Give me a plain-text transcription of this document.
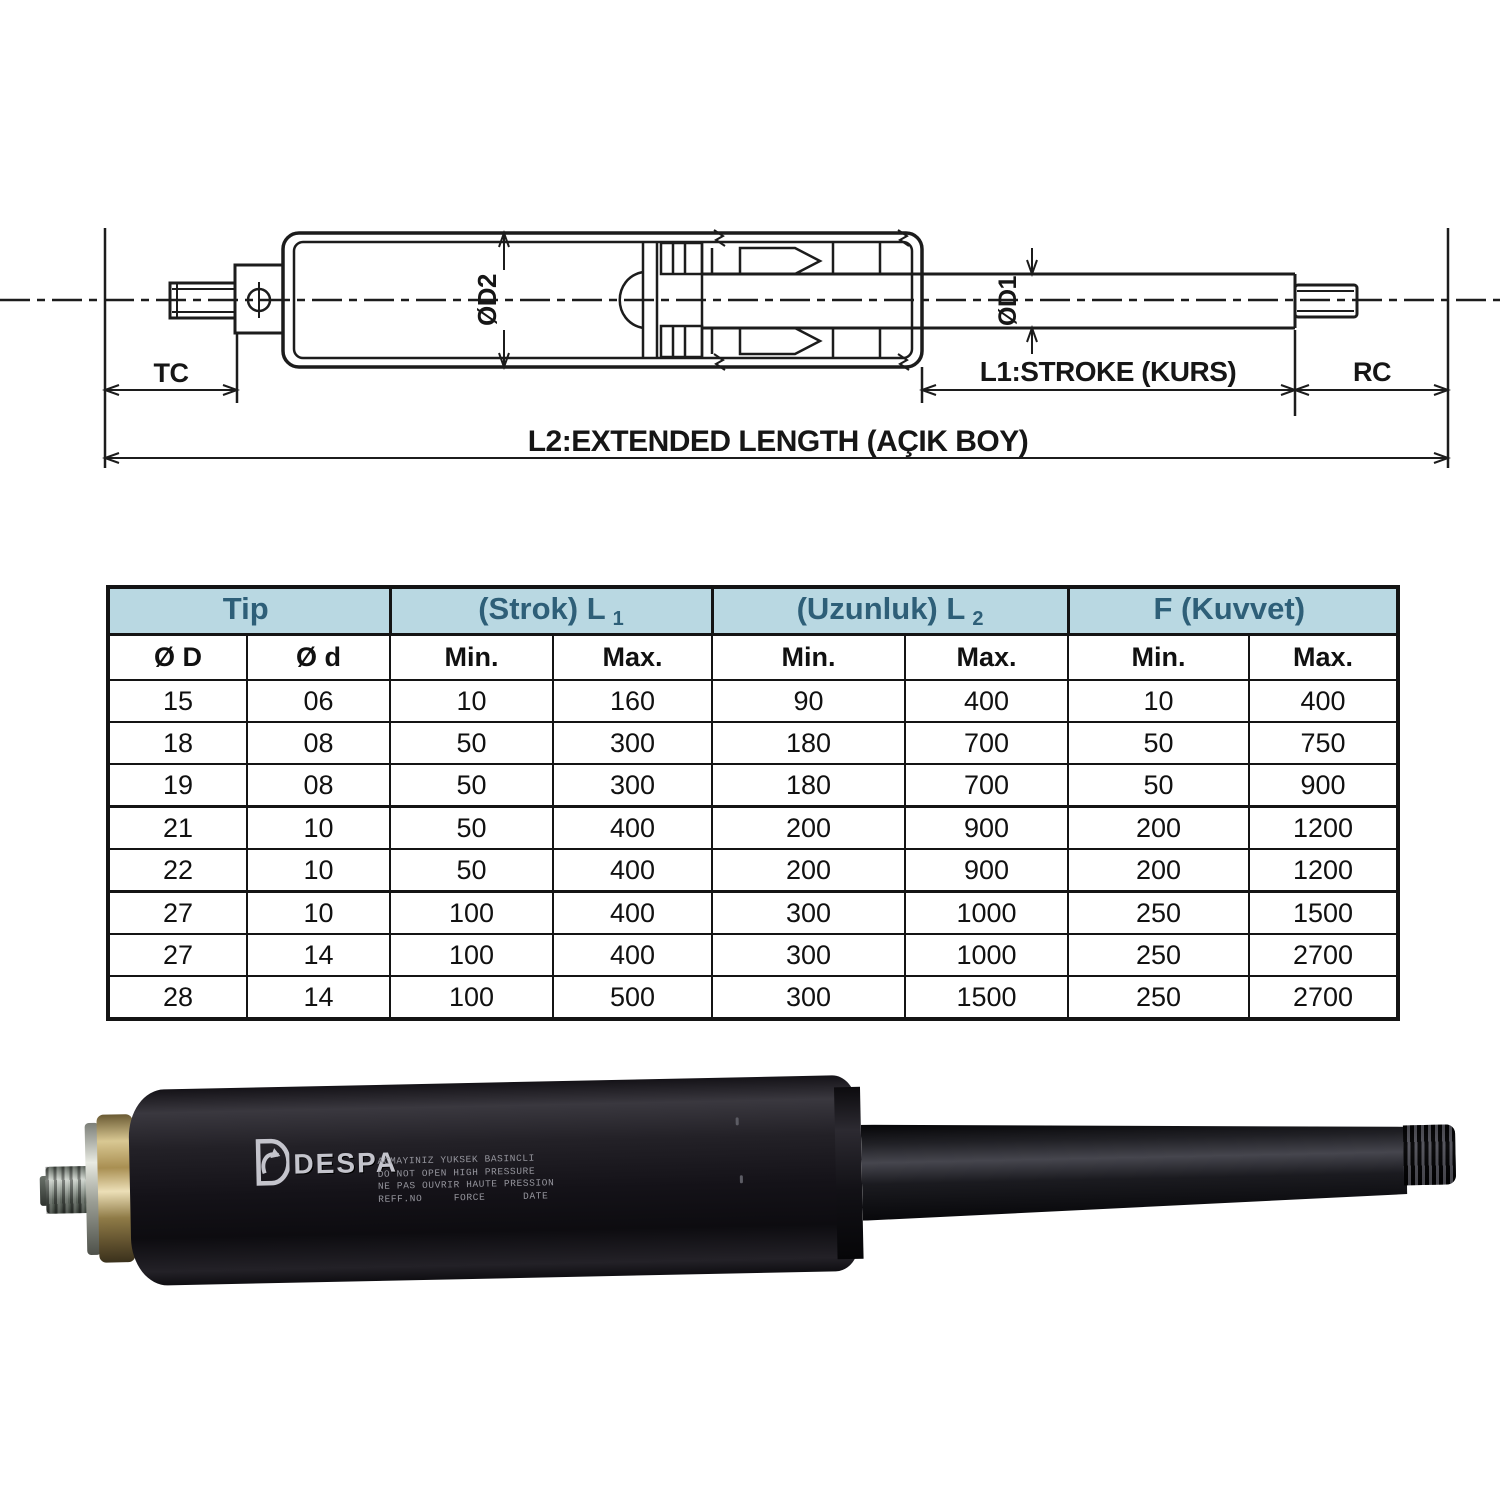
TC
ØD2	ØD1
L1:STROKE (KURS)	RC
L2:EXTENDED LENGTH (AÇIK BOY)
Tip		(Strok) L 1		(Uzunluk) L 2		F (Kuvvet)	
Ø D	Ø d	Min.	Max.	Min.	Max.	Min.	Max.
15	06	10	160	90	400	10	400
18	08	50	300	180	700	50	750
19	08	50	300	180	700	50	900
21	10	50	400	200	900	200	1200
22	10	50	400	200	900	200	1200
27	10	100	400	300	1000	250	1500
27	14	100	400	300	1000	250	2700
28	14	100	500	300	1500	250	2700
DESPA

ACMAYINIZ YUKSEK BASINCLI

DO NOT OPEN HIGH PRESSURE

NE PAS OUVRIR HAUTE PRESSION

REFF.NO     FORCE      DATE
